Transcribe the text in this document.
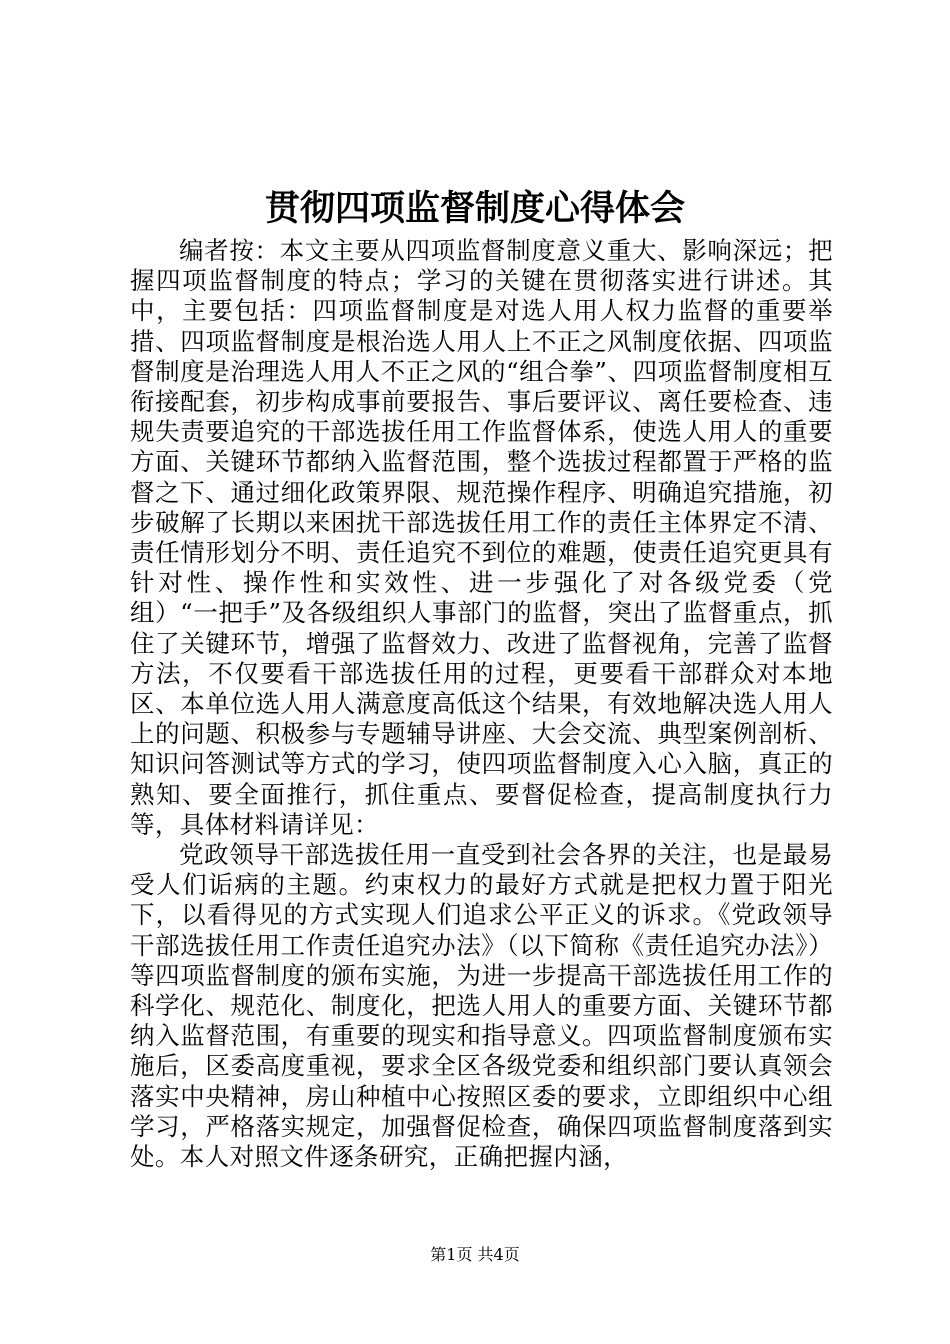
贯彻四项监督制度心得体会

编者按：本文主要从四项监督制度意义重大、影响深远；把握四项监督制度的特点；学习的关键在贯彻落实进行讲述。其中，主要包括：四项监督制度是对选人用人权力监督的重要举措、四项监督制度是根治选人用人上不正之风制度依据、四项监督制度是治理选人用人不正之风的“组合拳”、四项监督制度相互衔接配套，初步构成事前要报告、事后要评议、离任要检查、违规失责要追究的干部选拔任用工作监督体系，使选人用人的重要方面、关键环节都纳入监督范围，整个选拔过程都置于严格的监督之下、通过细化政策界限、规范操作程序、明确追究措施，初步破解了长期以来困扰干部选拔任用工作的责任主体界定不清、责任情形划分不明、责任追究不到位的难题，使责任追究更具有针对性、操作性和实效性、进一步强化了对各级党委（党组）“一把手”及各级组织人事部门的监督，突出了监督重点，抓住了关键环节，增强了监督效力、改进了监督视角，完善了监督方法，不仅要看干部选拔任用的过程，更要看干部群众对本地区、本单位选人用人满意度高低这个结果，有效地解决选人用人上的问题、积极参与专题辅导讲座、大会交流、典型案例剖析、知识问答测试等方式的学习，使四项监督制度入心入脑，真正的熟知、要全面推行，抓住重点、要督促检查，提高制度执行力等，具体材料请详见：

党政领导干部选拔任用一直受到社会各界的关注，也是最易受人们诟病的主题。约束权力的最好方式就是把权力置于阳光下，以看得见的方式实现人们追求公平正义的诉求。《党政领导干部选拔任用工作责任追究办法》（以下简称《责任追究办法》）等四项监督制度的颁布实施，为进一步提高干部选拔任用工作的科学化、规范化、制度化，把选人用人的重要方面、关键环节都纳入监督范围，有重要的现实和指导意义。四项监督制度颁布实施后，区委高度重视，要求全区各级党委和组织部门要认真领会落实中央精神，房山种植中心按照区委的要求，立即组织中心组学习，严格落实规定，加强督促检查，确保四项监督制度落到实处。本人对照文件逐条研究，正确把握内涵，

第1页 共4页
